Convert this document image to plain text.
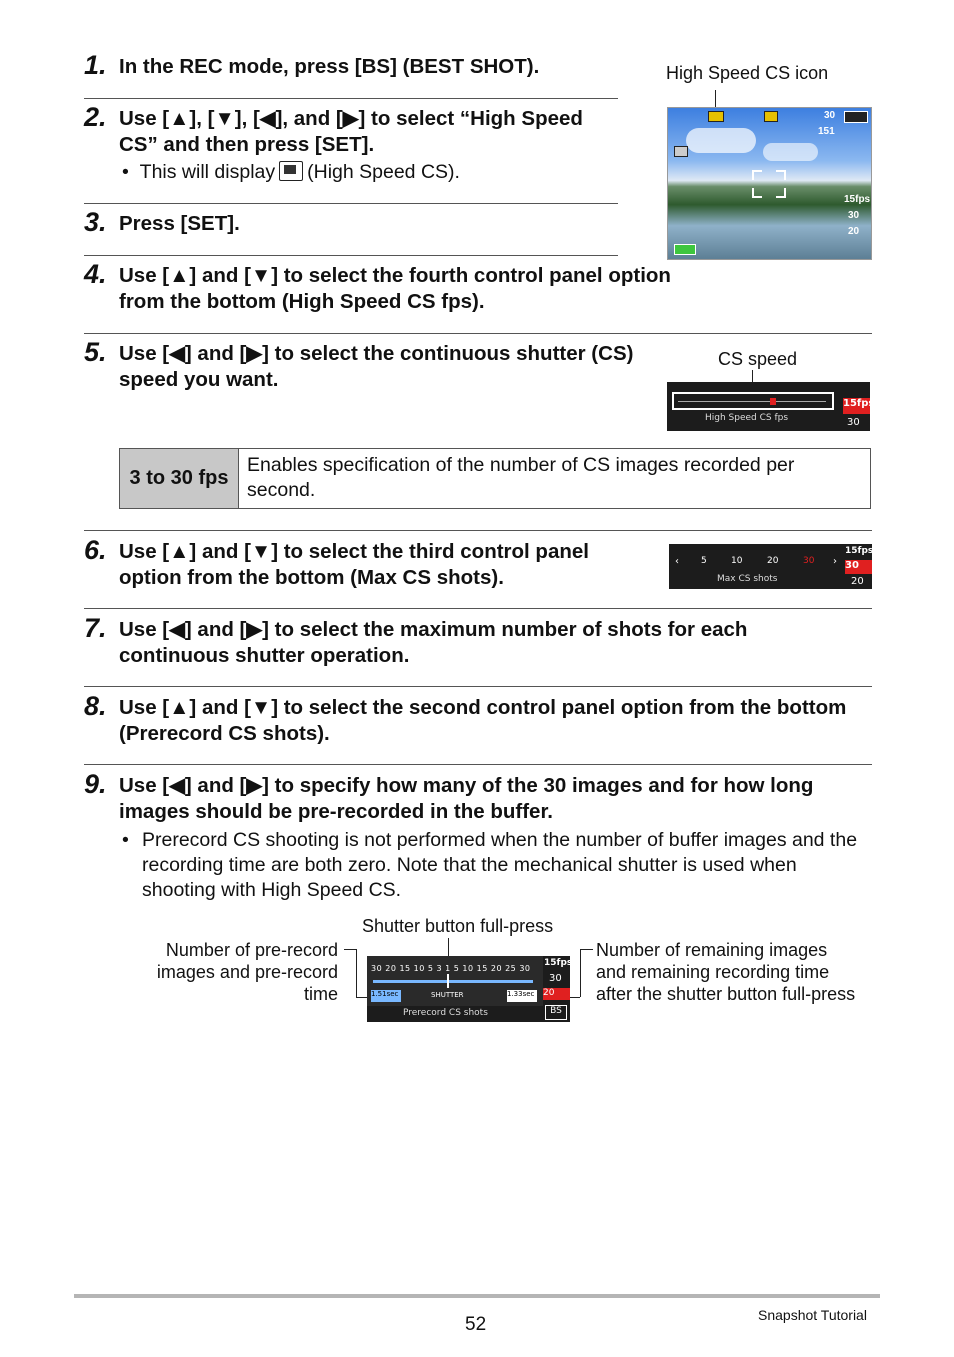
1. In the REC mode, press [BS] (BEST SHOT).
2. Use [▲], [▼], [◀], and [▶] to select “High Speed CS” and then press [SET].
•  This will display (High Speed CS).
3. Press [SET].
4. Use [▲] and [▼] to select the fourth control panel option from the bottom (High Speed CS fps).
High Speed CS icon
30
151
15fps
30
20
5. Use [◀] and [▶] to select the continuous shutter (CS) speed you want.
CS speed
High Speed CS fps
15fps
30
3 to 30 fps
Enables specification of the number of CS images recorded per second.
6. Use [▲] and [▼] to select the third control panel option from the bottom (Max CS shots).
‹ 5	10	20	30 ›
Max CS shots
15fps
30
20
7. Use [◀] and [▶] to select the maximum number of shots for each continuous shutter operation.
8. Use [▲] and [▼] to select the second control panel option from the bottom (Prerecord CS shots).
9. Use [◀] and [▶] to specify how many of the 30 images and for how long images should be pre-recorded in the buffer.
• Prerecord CS shooting is not performed when the number of buffer images and the recording time are both zero. Note that the mechanical shutter is used when shooting with High Speed CS.
Shutter button full-press
Number of pre-record images and pre-record time
Number of remaining images and remaining recording time after the shutter button full-press
30 20 15 10 5 3 1 5 10 15 20 25 30
1.51sec	SHUTTER	1.33sec
Prerecord CS shots
15fps
30
20
BS
52	Snapshot Tutorial
